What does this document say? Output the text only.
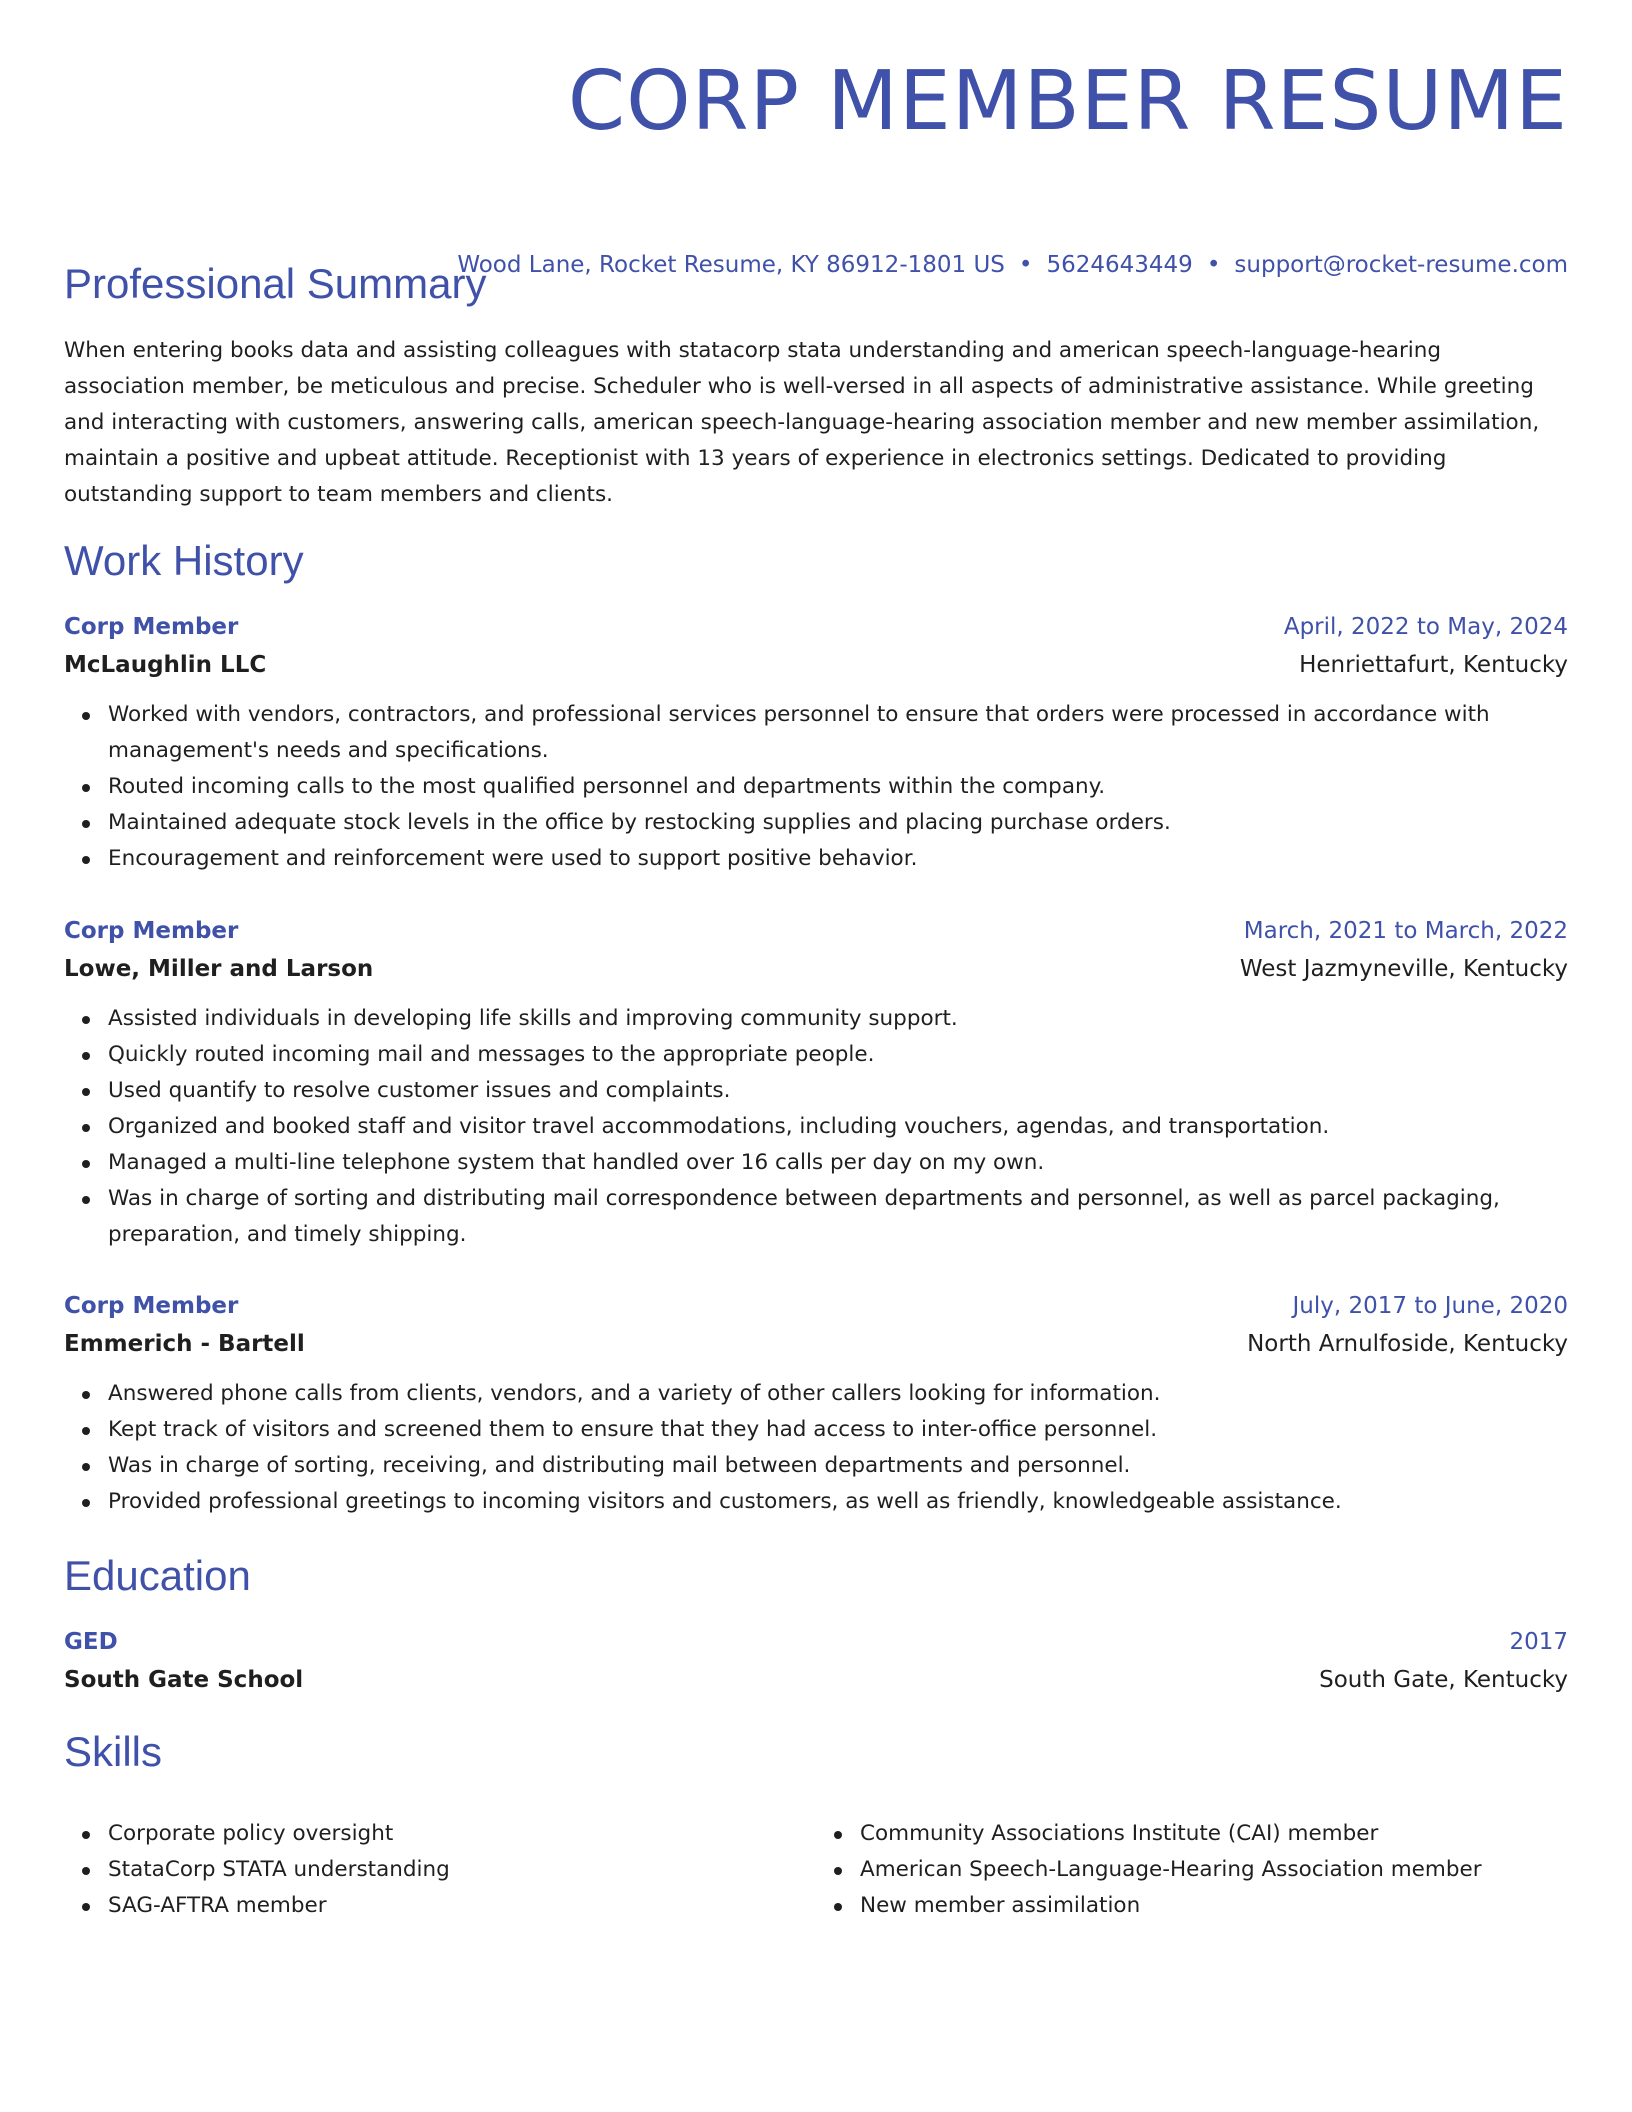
CORP MEMBER RESUME
Wood Lane, Rocket Resume, KY 86912-1801 US • 5624643449 • support@rocket-resume.com
Professional Summary

When entering books data and assisting colleagues with statacorp stata understanding and american speech-language-hearing association member, be meticulous and precise. Scheduler who is well-versed in all aspects of administrative assistance. While greeting and interacting with customers, answering calls, american speech-language-hearing association member and new member assimilation, maintain a positive and upbeat attitude. Receptionist with 13 years of experience in electronics settings. Dedicated to providing outstanding support to team members and clients.

Work History
Corp Member	April, 2022 to May, 2024
McLaughlin LLC	Henriettafurt, Kentucky
Worked with vendors, contractors, and professional services personnel to ensure that orders were processed in accordance with management's needs and specifications.
Routed incoming calls to the most qualified personnel and departments within the company.
Maintained adequate stock levels in the office by restocking supplies and placing purchase orders.
Encouragement and reinforcement were used to support positive behavior.
Corp Member	March, 2021 to March, 2022
Lowe, Miller and Larson	West Jazmyneville, Kentucky
Assisted individuals in developing life skills and improving community support.
Quickly routed incoming mail and messages to the appropriate people.
Used quantify to resolve customer issues and complaints.
Organized and booked staff and visitor travel accommodations, including vouchers, agendas, and transportation.
Managed a multi-line telephone system that handled over 16 calls per day on my own.
Was in charge of sorting and distributing mail correspondence between departments and personnel, as well as parcel packaging, preparation, and timely shipping.
Corp Member	July, 2017 to June, 2020
Emmerich - Bartell	North Arnulfoside, Kentucky
Answered phone calls from clients, vendors, and a variety of other callers looking for information.
Kept track of visitors and screened them to ensure that they had access to inter-office personnel.
Was in charge of sorting, receiving, and distributing mail between departments and personnel.
Provided professional greetings to incoming visitors and customers, as well as friendly, knowledgeable assistance.
Education
GED	2017
South Gate School	South Gate, Kentucky
Skills
Corporate policy oversight
StataCorp STATA understanding
SAG-AFTRA member
Community Associations Institute (CAI) member
American Speech-Language-Hearing Association member
New member assimilation
